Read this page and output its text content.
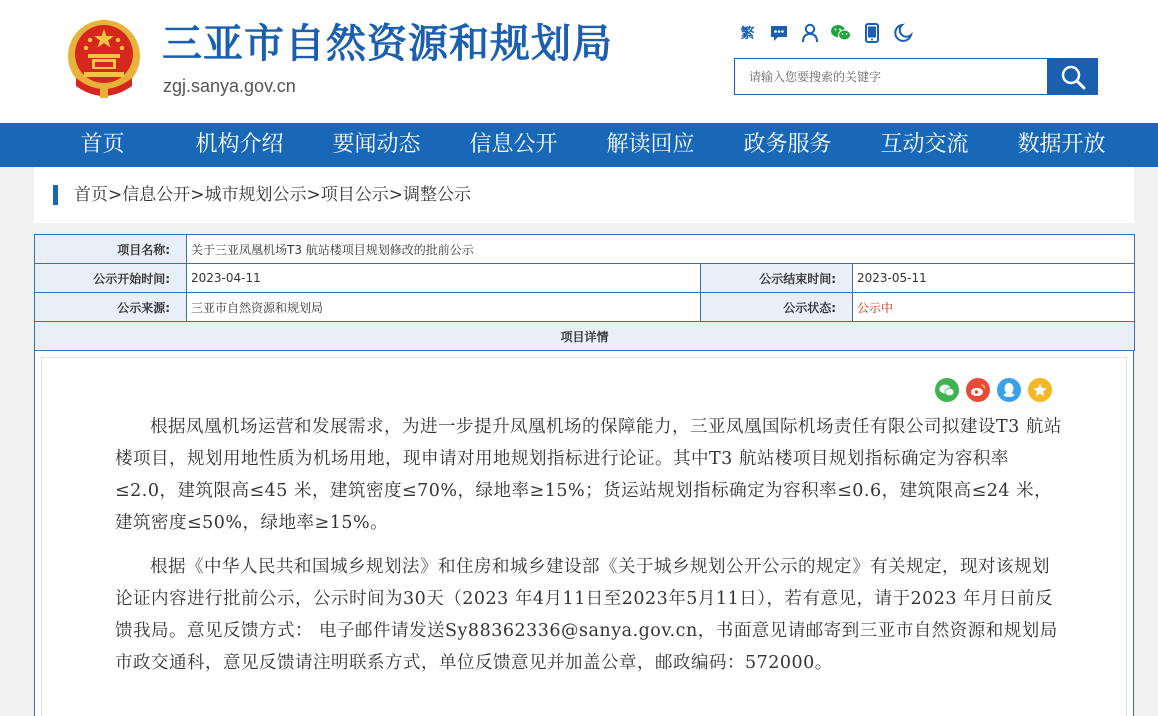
三亚市自然资源和规划局
zgj.sanya.gov.cn
繁
请输入您要搜索的关键字
首页	机构介绍	要闻动态	信息公开	解读回应	政务服务	互动交流	数据开放
首页>信息公开>城市规划公示>项目公示>调整公示
项目名称:	关于三亚凤凰机场T3 航站楼项目规划修改的批前公示		
公示开始时间:	2023-04-11	公示结束时间:	2023-05-11
公示来源:	三亚市自然资源和规划局	公示状态:	公示中
项目详情			

根据凤凰机场运营和发展需求，为进一步提升凤凰机场的保障能力，三亚凤凰国际机场责任有限公司拟建设T3 航站楼项目，规划用地性质为机场用地，现申请对用地规划指标进行论证。其中T3 航站楼项目规划指标确定为容积率≤2.0，建筑限高≤45 米，建筑密度≤70%，绿地率≥15%；货运站规划指标确定为容积率≤0.6，建筑限高≤24 米，建筑密度≤50%，绿地率≥15%。

根据《中华人民共和国城乡规划法》和住房和城乡建设部《关于城乡规划公开公示的规定》有关规定，现对该规划论证内容进行批前公示，公示时间为30天（2023 年4月11日至2023年5月11日），若有意见，请于2023 年月日前反馈我局。意见反馈方式： 电子邮件请发送Sy88362336@sanya.gov.cn，书面意见请邮寄到三亚市自然资源和规划局市政交通科，意见反馈请注明联系方式，单位反馈意见并加盖公章，邮政编码：572000。
